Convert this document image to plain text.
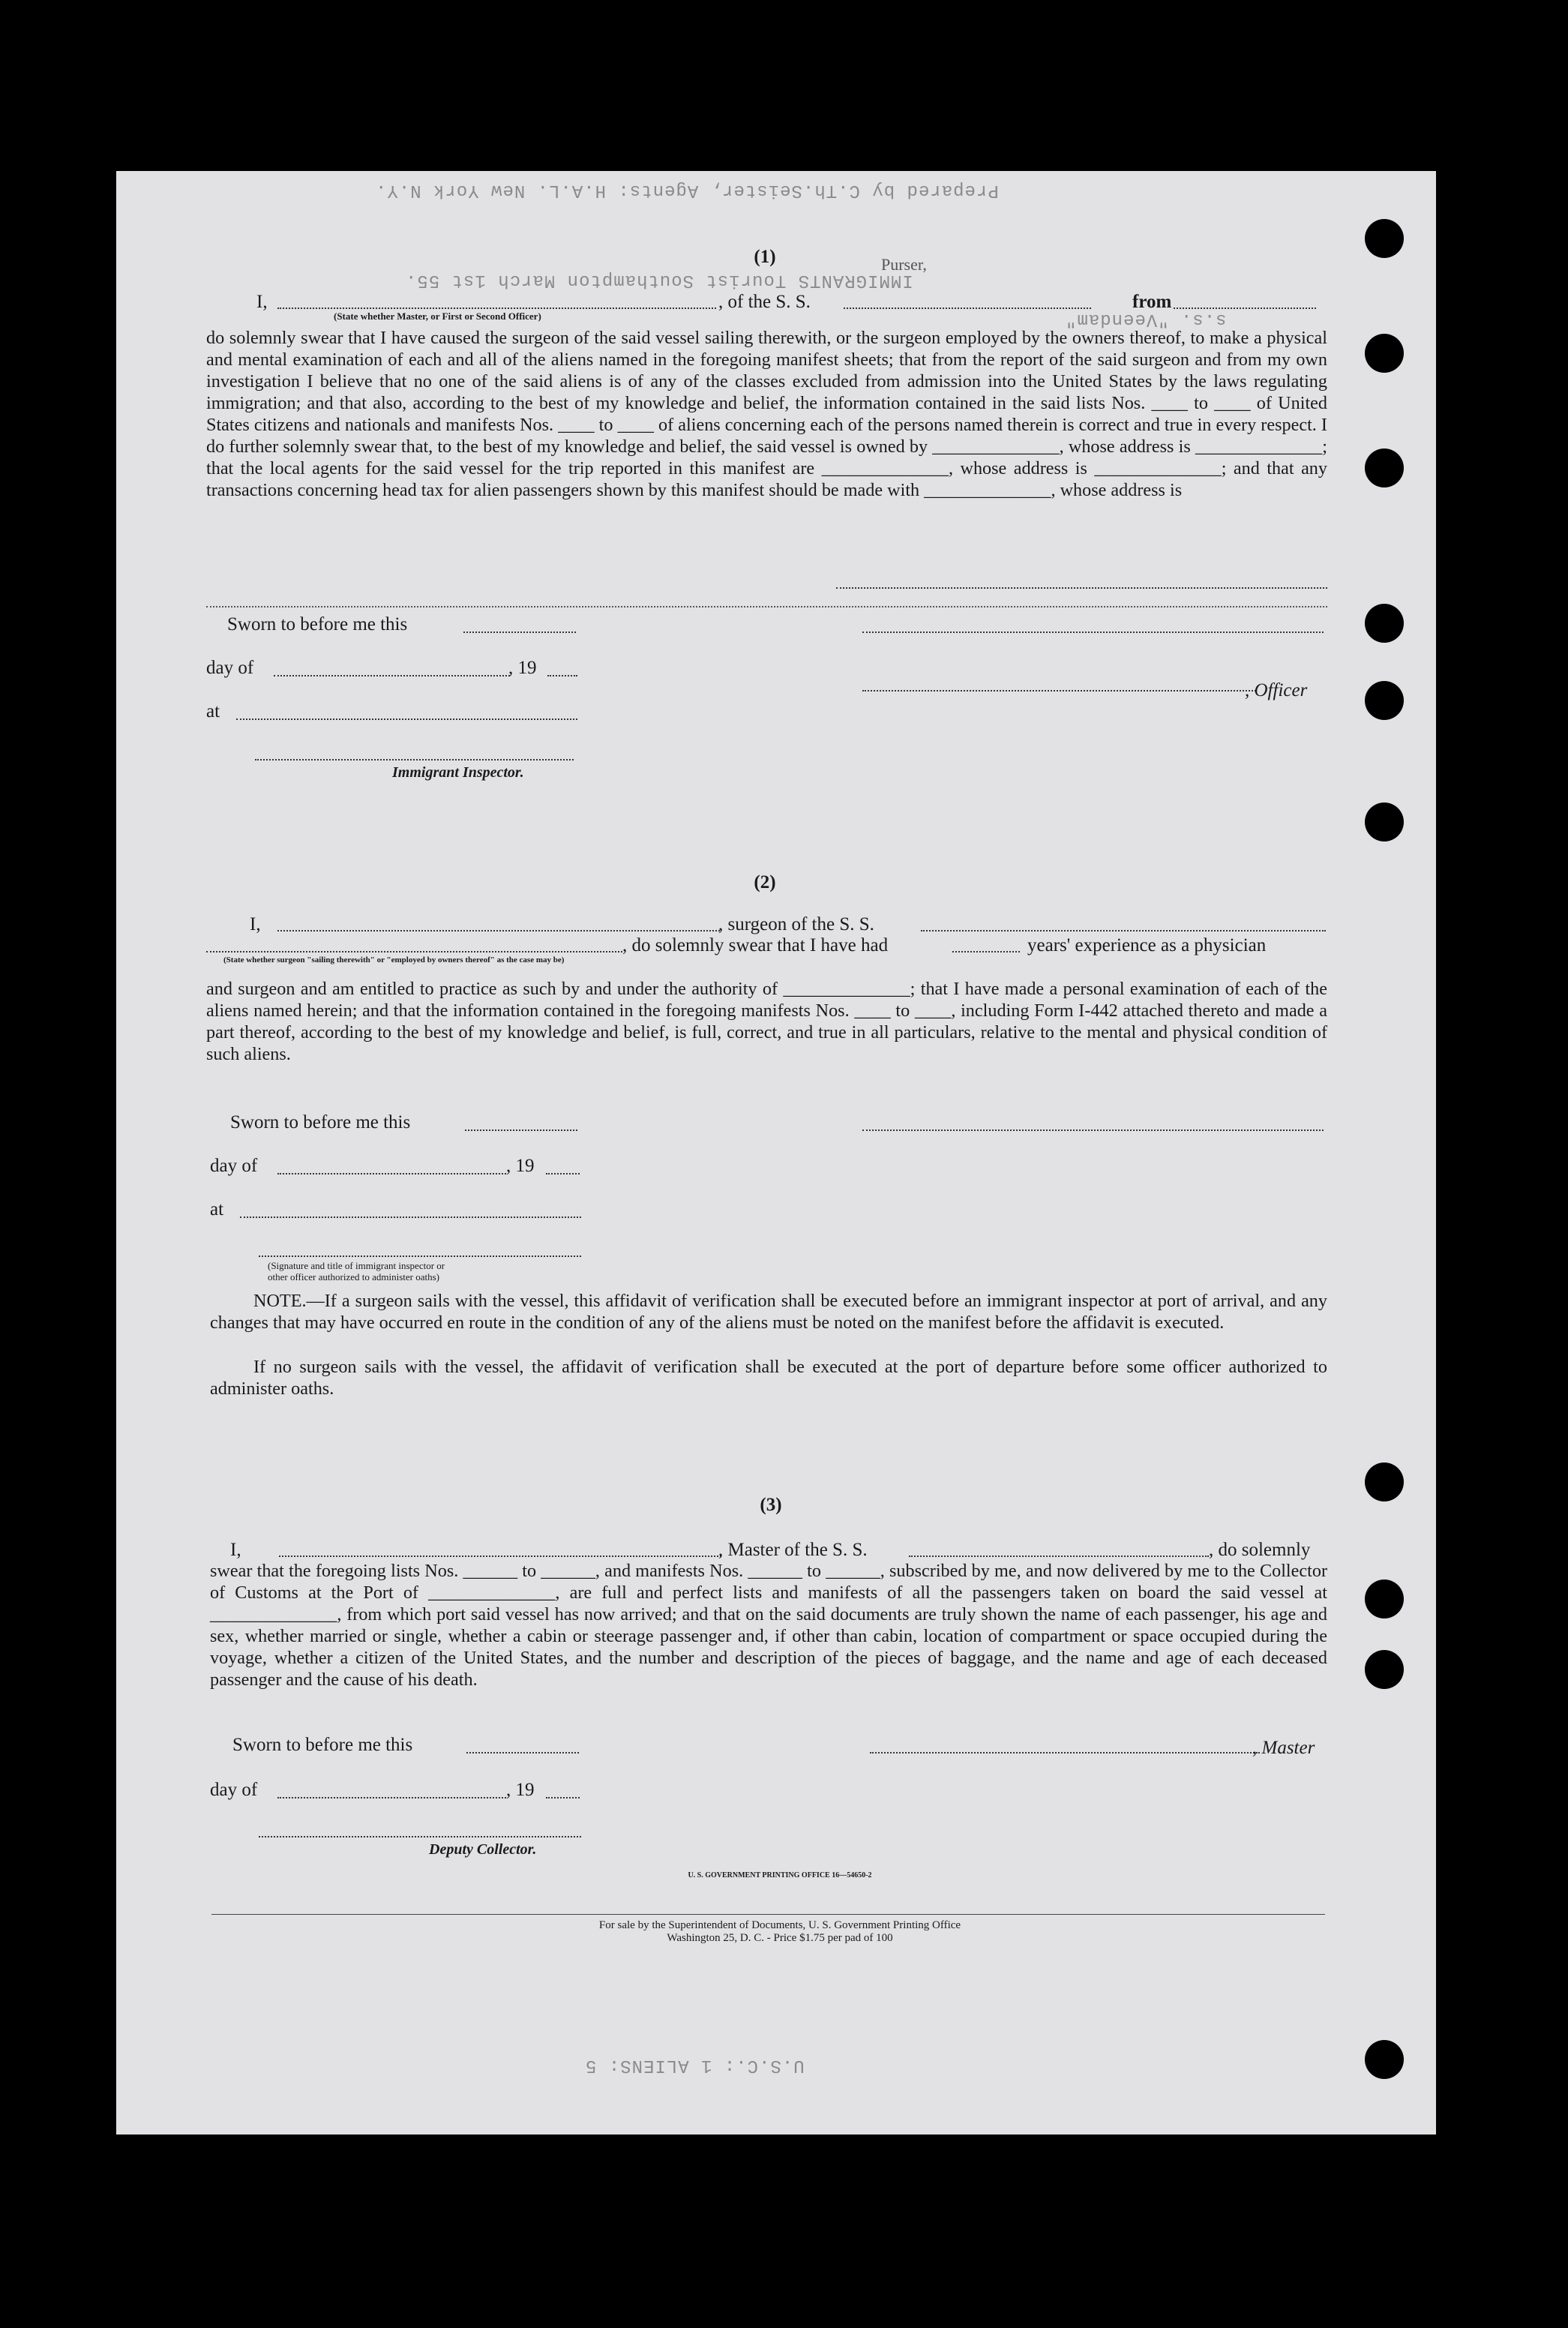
Prepared by C.Th.Seister, Agents: H.A.L. New York N.Y.
IMMIGRANTS Tourist Southampton March 1st 55.
s.s. "Veendam"
U.S.C.: 1 ALIENS: 5
(1)	Purser,
I,	, of the S. S.	from
(State whether Master, or First or Second Officer)
do solemnly swear that I have caused the surgeon of the said vessel sailing therewith, or the surgeon employed by the owners thereof, to make a physical and mental examination of each and all of the aliens named in the foregoing manifest sheets; that from the report of the said surgeon and from my own investigation I believe that no one of the said aliens is of any of the classes excluded from admission into the United States by the laws regulating immigration; and that also, according to the best of my knowledge and belief, the information contained in the said lists Nos. ____ to ____ of United States citizens and nationals and manifests Nos. ____ to ____ of aliens concerning each of the persons named therein is correct and true in every respect. I do further solemnly swear that, to the best of my knowledge and belief, the said vessel is owned by ______________, whose address is ______________; that the local agents for the said vessel for the trip reported in this manifest are ______________, whose address is ______________; and that any transactions concerning head tax for alien passengers shown by this manifest should be made with ______________, whose address is
Sworn to before me this
day of	, 19
, Officer
at
Immigrant Inspector.
(2)
I,	, surgeon of the S. S.
, do solemnly swear that I have had	years' experience as a physician
(State whether surgeon "sailing therewith" or "employed by owners thereof" as the case may be)
and surgeon and am entitled to practice as such by and under the authority of ______________; that I have made a personal examination of each of the aliens named herein; and that the information contained in the foregoing manifests Nos. ____ to ____, including Form I-442 attached thereto and made a part thereof, according to the best of my knowledge and belief, is full, correct, and true in all particulars, relative to the mental and physical condition of such aliens.
Sworn to before me this
day of	, 19
at
(Signature and title of immigrant inspector or
other officer authorized to administer oaths)
NOTE.—If a surgeon sails with the vessel, this affidavit of verification shall be executed before an immigrant inspector at port of arrival, and any changes that may have occurred en route in the condition of any of the aliens must be noted on the manifest before the affidavit is executed.
If no surgeon sails with the vessel, the affidavit of verification shall be executed at the port of departure before some officer authorized to administer oaths.
(3)
I,	, Master of the S. S.	, do solemnly
swear that the foregoing lists Nos. ______ to ______, and manifests Nos. ______ to ______, subscribed by me, and now delivered by me to the Collector of Customs at the Port of ______________, are full and perfect lists and manifests of all the passengers taken on board the said vessel at ______________, from which port said vessel has now arrived; and that on the said documents are truly shown the name of each passenger, his age and sex, whether married or single, whether a cabin or steerage passenger and, if other than cabin, location of compartment or space occupied during the voyage, whether a citizen of the United States, and the number and description of the pieces of baggage, and the name and age of each deceased passenger and the cause of his death.
Sworn to before me this	, Master
day of	, 19
Deputy Collector.
U. S. GOVERNMENT PRINTING OFFICE 16—54650-2
For sale by the Superintendent of Documents, U. S. Government Printing Office
Washington 25, D. C. - Price $1.75 per pad of 100
